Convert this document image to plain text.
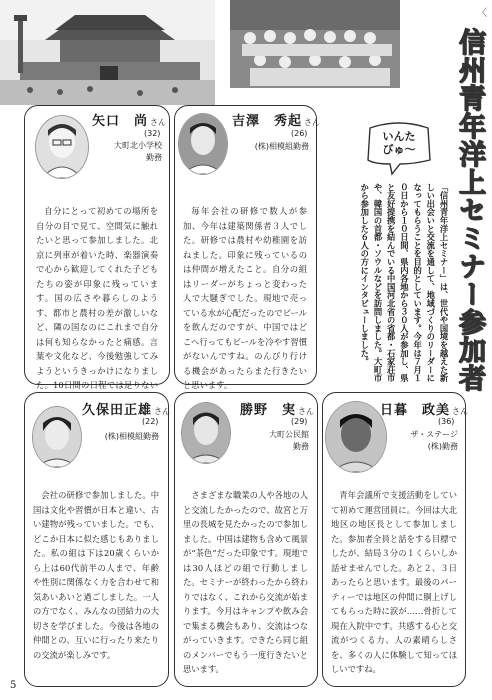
〈
信州青年洋上セミナー参加者
いんた
びゅ〜

「信州青年洋上セミナー」は、世代や国境を越えた新しい出会いと交流を通して、地域づくりのリーダーになってもらうことを目的としています。今年は７月１０日から１０日間、県内各地から３０人が参加し、県と友好提携を結んでいる中国河北省の省都・石家荘市や、韓国の首都・ソウルなどを訪問しました。大町市から参加した６人の方にインタビューしました。

矢口　尚 さん
(32)
大町北小学校
勤務

自分にとって初めての場所を自分の目で見て、空間気に触れたいと思って参加しました。北京に列車が着いた時、楽器演奏で心から歓迎してくれた子どもたちの姿が印象に残っています。国の広さや暮らしのようす、都市と農村の差が激しいなど、隣の国なのにこれまで自分は何も知らなかったと痛感。言葉や文化など、今後勉強してみようというきっかけになりました。10日間の日程では足りない

吉澤　秀起 さん
(26)
(株)相模組勤務

毎年会社の研修で数人が参加、今年は建築関係者３人でした。研修では農村や幼稚園を訪ねました。印象に残っているのは仲間が増えたこと。自分の組はリーダーがちょっと変わった人で大騒ぎでした。現地で売っている水が心配だったのでビールを飲んだのですが、中国ではどこへ行ってもビールを冷やす習慣がないんですね。のんびり行ける機会があったらまた行きたいと思います。

久保田正雄 さん
(22)
(株)相模組勤務

会社の研修で参加しました。中国は文化や習慣が日本と違い、古い建物が残っていました。でも、どこか日本に似た感じもありました。私の組は下は20歳くらいから上は60代前半の人まで、年齢や性別に関係なく力を合わせて和気あいあいと過ごしました。一人の方でなく、みんなの団結力の大切さを学びました。今後は各地の仲間との、互いに行ったり来たりの交流が楽しみです。

勝野　実 さん
(29)
大町公民館
勤務

さまざまな職業の人や各地の人と交流したかったので、故宮と万里の長城を見たかったので参加しました。中国は建物も含めて風景が“茶色”だった印象です。現地では30人ほどの組で行動しました。セミナーが終わったから終わりではなく、これから交流が始まります。今月はキャンプや飲み会で集まる機会もあり、交流はつながっていきます。できたら同じ組のメンバーでもう一度行きたいと思います。

日暮　政美 さん
(36)
ザ・ステージ
(株)勤務

青年会議所で支援活動をしていて初めて運営団員に。今回は大北地区の地区長として参加しました。参加者全員と話をする目標でしたが、結局３分の１くらいしか話せませんでした。あと２、３日あったらと思います。最後のパーティーでは地区の仲間に胴上げしてもらった時に涙が……骨折して現在入院中です。共感する心と交流がつくる力、人の素晴らしさを、多くの人に体験して知ってほしいですね。

5
